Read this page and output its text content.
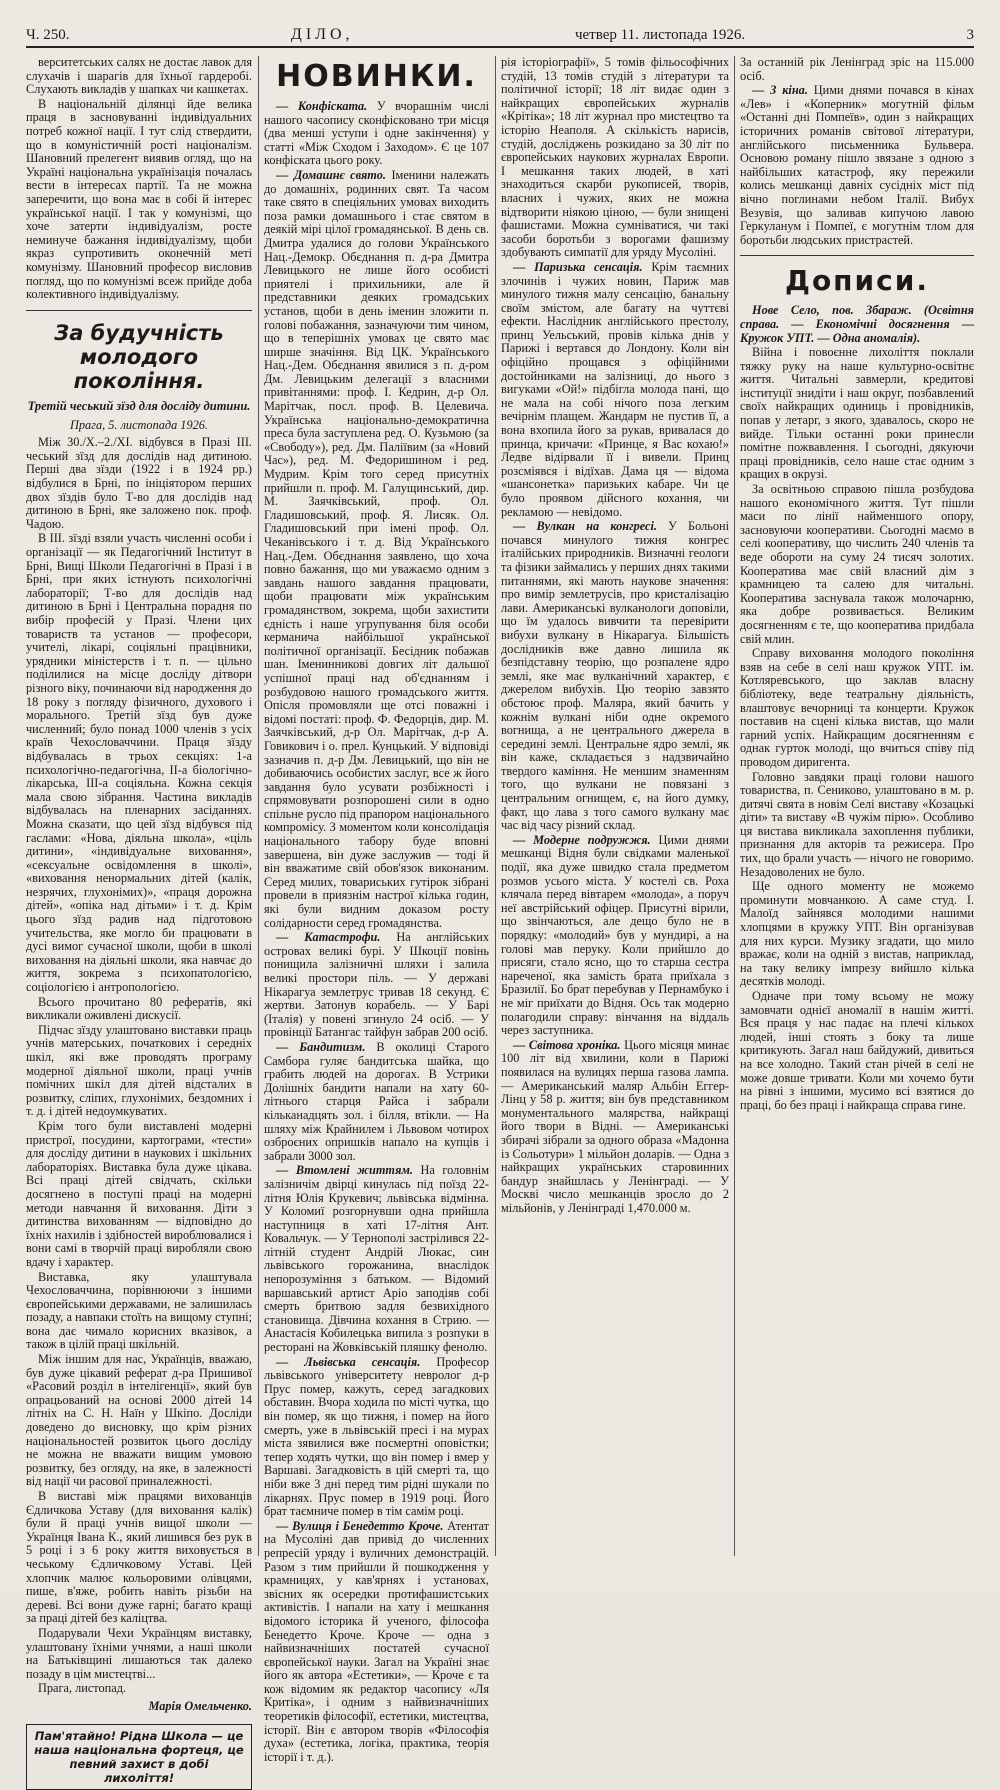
Ч. 250.	ДІЛО,	четвер 11. листопада 1926.	3

верситетських салях не достає лавок для слухачів і шарагів для їхньої гардеробі. Слухають викладів у шапках чи кашкетах.

В національній ділянці йде велика праця в засновуванні індивідуальних потреб кожної нації. І тут слід ствердити, що в комуністичній рості націоналізм. Шановний прелегент виявив огляд, що на Україні національна українізація почалась вести в інтересах партії. Та не можна заперечити, що вона має в собі й інтерес української нації. І так у комунізмі, що хоче затерти індивідуалізм, росте неминуче бажання індивідуалізму, щоби якраз супротивить оконечній меті комунізму. Шановний професор висловив погляд, що по комунізмі всеж прийде доба колективного індивідуалізму.

За будучність молодого покоління.
Третій чеський зїзд для досліду дитини.
Прага, 5. листопада 1926.

Між 30./X.–2./XI. відбувся в Празі III. чеський зїзд для дослідів над дитиною. Перші два зїзди (1922 і в 1924 рр.) відбулися в Брні, по ініціятором перших двох зїздів було Т-во для дослідів над дитиною в Брні, яке заложено пок. проф. Чадою.

В III. зїзді взяли участь численні особи і організації — як Педагогічний Інститут в Брні, Вищі Школи Педагогічні в Празі і в Брні, при яких істнують психологічні лабораторії; Т-во для дослідів над дитиною в Брні і Центральна порадня по вибір професій у Празі. Члени цих товариств та установ — професори, учителі, лікарі, соціяльні працівники, урядники міністерств і т. п. — цільно поділилися на місце досліду дітвори різного віку, починаючи від народження до 18 року з погляду фізичного, духового і морального. Третій зїзд був дуже численний; було понад 1000 членів з усіх країв Чехословаччини. Праця зїзду відбувалась в трьох секціях: 1-а психологічно-педагогічна, II-а біологічно-лікарська, III-а соціяльна. Кожна секція мала свою зібрання. Частина викладів відбувалась на пленарних засіданнях. Можна сказати, що цей зїзд відбувся під гаслами: «Нова, діяльна школа», «ціль дитини», «індивідуальне виховання», «сексуальне освідомлення в школі», «виховання ненормальних дітей (калік, незрячих, глухонімих)», «праця дорожна дітей», «опіка над дітьми» і т. д. Крім цього зїзд радив над підготовою учительства, яке могло би працювати в дусі вимог сучасної школи, щоби в школі виховання на діяльні школи, яка навчає до життя, зокрема з психопатологією, соціологією і антропологією.

Всього прочитано 80 рефератів, які викликали оживлені дискусії.

Підчас зїзду улаштовано виставки праць учнів матерських, початкових і середніх шкіл, які вже проводять програму модерної діяльної школи, праці учнів помічних шкіл для дітей відсталих в розвитку, сліпих, глухонімих, бездомних і т. д. і дітей недоумкуватих.

Крім того були виставлені модерні пристрої, посудини, картограми, «тести» для досліду дитини в наукових і шкільних лабораторіях. Виставка була дуже цікава. Всі праці дітей свідчать, скільки досягнено в поступі праці на модерні методи навчання й виховання. Діти з дитинства вихованням — відповідно до їхніх нахилів і здібностей вироблювалися і вони самі в творчій праці виробляли свою вдачу і характер.

Виставка, яку улаштувала Чехословаччина, порівнюючи з іншими європейськими державами, не залишилась позаду, а навпаки стоїть на вищому ступні; вона дає чимало корисних вказівок, а також в цілій праці шкільній.

Між іншим для нас, Українців, вважаю, був дуже цікавий реферат д-ра Пришивої «Расовий розділ в інтелігенції», який був опрацьований на основі 2000 дітей 14 літніх на С. Н. Наїн у Шкіпо. Досліди доведено до висновку, що крім різних національностей розвиток цього досліду не можна не вважати вищим умовою розвитку, без огляду, на яке, в залежності від нації чи расової приналежності.

В виставі між працями вихованців Єдличкова Уставу (для виховання калік) були й праці учнів вищої школи — Українця Івана К., який лишився без рук в 5 році і з 6 року життя виховується в чеському Єдличковому Уставі. Цей хлопчик малює кольоровими олівцями, пише, в'яже, робить навіть різьби на дереві. Всі вони дуже гарні; багато кращі за праці дітей без каліцтва.

Подарували Чехи Українцям виставку, улаштовану їхніми учнями, а наші школи на Батьківщині лишаються так далеко позаду в цім мистецтві...

Прага, листопад.

Марія Омельченко.
Пам'ятайно! Рідна Школа — це наша національна фортеця, це певний захист в добі лихоліття!
НОВИНКИ.

— Конфіската. У вчорашнім числі нашого часопису сконфісковано три місця (два менші уступи і одне закінчення) у статті «Між Сходом і Заходом». Є це 107 конфіската цього року.

— Домашнє свято. Іменини належать до домашніх, родинних свят. Та часом таке свято в спеціяльних умовах виходить поза рамки домашнього і стає святом в деякій мірі цілої громадянської. В день св. Дмитра удалися до голови Українського Нац.-Демокр. Обєднання п. д-ра Дмитра Левицького не лише його особисті приятелі і прихильники, але й представники деяких громадських установ, щоби в день іменин зложити п. голові побажання, зазначуючи тим чином, що в теперішніх умовах це свято має ширше значіння. Від ЦК. Українського Нац.-Дем. Обєднання явилися з п. д-ром Дм. Левицьким делегації з власними привітаннями: проф. І. Кедрин, д-р Ол. Марітчак, посл. проф. В. Целевича. Українська національно-демократична преса була заступлена ред. О. Кузьмою (за «Свободу»), ред. Дм. Паліївим (за «Новий Час»), ред. М. Федоришином і ред. Мудрим. Крім того серед присутніх прийшли п. проф. М. Галущинський, дир. М. Заячківський, проф. Ол. Гладишовський, проф. Я. Лисяк. Ол. Гладишовський при імені проф. Ол. Чеканівського і т. д. Від Українського Нац.-Дем. Обєднання заявлено, що хоча повно бажання, що ми уважаємо одним з завдань нашого завдання працювати, щоби працювати між українським громадянством, зокрема, щоби захистити єдність і наше угрупування біля особи керманича найбільшої української політичної організації. Бесідник побажав шан. Іменинникові довгих літ дальшої успішної праці над об'єднанням і розбудовою нашого громадського життя. Опісля промовляли ще отсі поважні і відомі постаті: проф. Ф. Федорців, дир. М. Заячківський, д-р Ол. Марітчак, д-р А. Говикович і о. прел. Кунцький. У відповіді зазначив п. д-р Дм. Левицький, що він не добиваючись особистих заслуг, все ж його завдання було усувати розбіжності і спрямовувати розпорошені сили в одно спільне русло під прапором національного компромісу. З моментом коли консолідація національного табору буде вповні завершена, він дуже заслужив — тоді й він вважатиме свій обов'язок виконаним. Серед милих, товариських гутірок зібрані провели в приязнім настрої кілька годин, які були видним доказом росту солідарности серед громадянства.

— Катастрофи. На англійських островах великі бурі. У Шкоції повінь понищила залізничні шляхи і залила великі простори піль. — У державі Нікарагуа землетрус тривав 18 секунд. Є жертви. Затонув корабель. — У Барі (Італія) у повені згинуло 24 осіб. — У провінції Батангас тайфун забрав 200 осіб.

— Бандитизм. В околиці Старого Самбора гуляє бандитська шайка, що грабить людей на дорогах. В Устрики Долішніх бандити напали на хату 60-літнього старця Райса і забрали кільканадцять зол. і білля, втікли. — На шляху між Крайнилем і Львовом чотирох озброєних опришків напало на купців і забрали 3000 зол.

— Втомлені життям. На головнім залізничім двірці кинулась під поїзд 22-літня Юлія Крукевич; львівська відмінна. У Коломиї розгорнувши одна прийшла наступниця в хаті 17-літня Ант. Ковальчук. — У Тернополі застрілився 22-літній студент Андрій Люкас, син львівського горожанина, внаслідок непорозуміння з батьком. — Відомий варшавський артист Аріо заподіяв собі смерть бритвою задля безвихідного становища. Дівчина кохання в Стрию. — Анастасія Кобилецька випила з розпуки в ресторані на Жовківській пляшку фенолю.

— Львівська сенсація. Професор львівського університету невролог д-р Прус помер, кажуть, серед загадкових обставин. Вчора ходила по місті чутка, що він помер, як що тижня, і помер на його смерть, уже в львівській пресі і на мурах міста зявилися вже посмертні оповістки; тепер ходять чутки, що він помер і вмер у Варшаві. Загадковість в цій смерті та, що ніби вже 3 дні перед тим рідні шукали по лікарнях. Прус помер в 1919 році. Його брат таємниче помер в тім самім році.

— Вулиця і Бенедетто Кроче. Атентат на Мусоліні дав привід до численних репресій уряду і вуличних демонстрацій. Разом з тим прийшли й пошкодження у крамницях, у кав'ярнях і установах, звісних як осередки протифашистських активістів. І напали на хату і мешкання відомого історика й ученого, філософа Бенедетто Кроче. Кроче — одна з найвизначніших постатей сучасної європейської науки. Загал на Україні знає його як автора «Естетики», — Кроче є та кож відомим як редактор часопису «Ля Критіка», і одним з найвизначніших теоретиків філософії, естетики, мистецтва, історії. Він є автором творів «Філософія духа» (естетика, логіка, практика, теорія історії і т. д.).

рія історіографії», 5 томів фільософічних студій, 13 томів студій з літератури та політичної історії; 18 літ видає один з найкращих європейських журналів «Крітіка»; 18 літ журнал про мистецтво та історію Неаполя. А скількість нарисів, студій, досліджень розкидано за 30 літ по європейських наукових журналах Европи. І мешкання таких людей, в хаті знаходиться скарби рукописей, творів, власних і чужих, яких не можна відтворити ніякою ціною, — були знищені фашистами. Можна сумніватися, чи такі засоби боротьби з ворогами фашизму здобувають симпатії для уряду Мусоліні.

— Паризька сенсація. Крім таємних злочинів і чужих новин, Париж мав минулого тижня малу сенсацію, банальну своїм змістом, але багату на чуттєві ефекти. Наслідник англійського престолу, принц Уельський, провів кілька днів у Парижі і вертався до Лондону. Коли він офіційно прощався з офіційними достойниками на залізниці, до нього з вигуками «Ой!» підбігла молода пані, що не мала на собі нічого поза легким вечірнім плащем. Жандарм не пустив її, а вона вхопила його за рукав, вривалася до принца, кричачи: «Принце, я Вас кохаю!» Ледве відірвали її і вивели. Принц розсміявся і відїхав. Дама ця — відома «шансонетка» паризьких кабаре. Чи це було проявом дійсного кохання, чи рекламою — невідомо.

— Вулкан на конгресі. У Больоні почався минулого тижня конгрес італійських природників. Визначні геологи та фізики займались у перших днях такими питаннями, які мають наукове значення: про вимір землетрусів, про кристалізацію лави. Американські вулканологи доповіли, що їм удалось вивчити та перевірити вибухи вулкану в Нікарагуа. Більшість дослідників вже давно лишила як безпідставну теорію, що розпалене ядро землі, яке має вулканічний характер, є джерелом вибухів. Цю теорію завзято обстоює проф. Маляра, який бачить у кожнім вулкані ніби одне окремого вогнища, а не центрального джерела в середині землі. Центральне ядро землі, як він каже, складається з надзвичайно твердого каміння. Не меншим знаменням того, що вулкани не повязані з центральним огнищем, є, на його думку, факт, що лава з того самого вулкану має час від часу різний склад.

— Модерне подружжя. Цими днями мешканці Відня були свідками маленької події, яка дуже швидко стала предметом розмов усього міста. У костелі св. Роха клячала перед вівтарем «молода», а поруч неї австрійський офіцер. Присутні вірили, що звінчаються, але дещо було не в порядку: «молодий» був у мундирі, а на голові мав перуку. Коли прийшло до присяги, стало ясно, що то старша сестра нареченої, яка замість брата приїхала з Бразилії. Бо брат перебував у Пернамбуко і не міг приїхати до Відня. Ось так модерно полагодили справу: вінчання на віддаль через заступника.

— Світова хроніка. Цього місяця минає 100 літ від хвилини, коли в Парижі появилася на вулицях перша газова лампа. — Американський маляр Альбін Еггер-Лінц у 58 р. життя; він був представником монументального малярства, найкращі його твори в Відні. — Американські збирачі зібрали за одного образа «Мадонна із Сольотури» 1 мільйон доларів. — Одна з найкращих українських старовинних бандур знайшлась у Ленінграді. — У Москві число мешканців зросло до 2 мільйонів, у Ленінграді 1,470.000 м.

За останній рік Ленінград зріс на 115.000 осіб.

— З кіна. Цими днями почався в кінах «Лев» і «Коперник» могутній фільм «Останні дні Помпеїв», один з найкращих історичних романів світової літератури, англійського письменника Бульвера. Основою роману пішло звязане з одною з найбільших катастроф, яку пережили колись мешканці давніх сусідніх міст під вічно поглинами небом Італії. Вибух Везувія, що заливав кипучою лавою Геркуланум і Помпеї, є могутнім тлом для боротьби людських пристрастей.

Дописи.

Нове Село, пов. Збараж. (Освітня справа. — Економічні досягнення — Кружок УПТ. — Одна аномалія).

Війна і повоєнне лихоліття поклали тяжку руку на наше культурно-освітнє життя. Читальні завмерли, кредитові інституції знидіти і наш округ, позбавлений своїх найкращих одиниць і провідників, попав у летарг, з якого, здавалось, скоро не вийде. Тільки останні роки принесли помітне пожвавлення. І сьогодні, дякуючи праці провідників, село наше стає одним з кращих в окрузі.

За освітньою справою пішла розбудова нашого економічного життя. Тут пішли маси по лінії найменшого опору, засновуючи кооперативи. Сьогодні маємо в селі кооперативу, що числить 240 членів та веде обороти на суму 24 тисяч золотих. Кооператива має свій власний дім з крамницею та салею для читальні. Кооператива заснувала також молочарню, яка добре розвивається. Великим досягненням є те, що кооператива придбала свій млин.

Справу виховання молодого покоління взяв на себе в селі наш кружок УПТ. ім. Котляревського, що заклав власну бібліотеку, веде театральну діяльність, влаштовує вечорниці та концерти. Кружок поставив на сцені кілька вистав, що мали гарний успіх. Найкращим досягненням є однак гурток молоді, що вчиться співу під проводом диригента.

Головно завдяки праці голови нашого товариства, п. Сениково, улаштовано в м. р. дитячі свята в новім Селі виставу «Козацькі діти» та виставу «В чужім пірю». Особливо ця вистава викликала захоплення публики, признання для акторів та режисера. Про тих, що брали участь — нічого не говоримо. Незадоволених не було.

Ще одного моменту не можемо проминути мовчанкою. А саме студ. І. Малоїд зайнявся молодими нашими хлопцями в кружку УПТ. Він організував для них курси. Музику згадати, що мило вражає, коли на одній з вистав, наприклад, на таку велику імпрезу вийшло кілька десятків молоді.

Одначе при тому всьому не можу замовчати однієї аномалії в нашім житті. Вся праця у нас падає на плечі кількох людей, інші стоять з боку та лише критикують. Загал наш байдужий, дивиться на все холодно. Такий стан річей в селі не може довше тривати. Коли ми хочемо бути на рівні з іншими, мусимо всі взятися до праці, бо без праці і найкраща справа гине.
